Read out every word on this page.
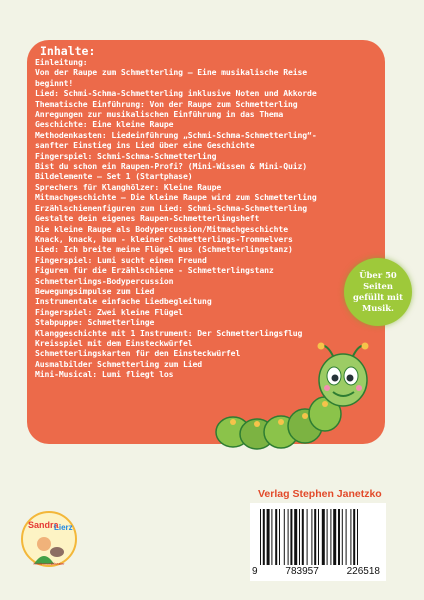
Inhalte:
Einleitung:
Von der Raupe zum Schmetterling – Eine musikalische Reise
beginnt!
Lied: Schmi-Schma-Schmetterling inklusive Noten und Akkorde
Thematische Einführung: Von der Raupe zum Schmetterling
Anregungen zur musikalischen Einführung in das Thema
Geschichte: Eine kleine Raupe
Methodenkasten: Liedeinführung „Schmi-Schma-Schmetterling“-
sanfter Einstieg ins Lied über eine Geschichte
Fingerspiel: Schmi-Schma-Schmetterling
Bist du schon ein Raupen-Profi? (Mini-Wissen & Mini-Quiz)
Bildelemente – Set 1 (Startphase)
Sprechers für Klanghölzer: Kleine Raupe
Mitmachgeschichte – Die kleine Raupe wird zum Schmetterling
Erzählschienenfiguren zum Lied: Schmi-Schma-Schmetterling
Gestalte dein eigenes Raupen-Schmetterlingsheft
Die kleine Raupe als Bodypercussion/Mitmachgeschichte
Knack, knack, bum - kleiner Schmetterlings-Trommelvers
Lied: Ich breite meine Flügel aus (Schmetterlingstanz)
Fingerspiel: Lumi sucht einen Freund
Figuren für die Erzählschiene - Schmetterlingstanz
Schmetterlings-Bodypercussion
Bewegungsimpulse zum Lied
Instrumentale einfache Liedbegleitung
Fingerspiel: Zwei kleine Flügel
Stabpuppe: Schmetterlinge
Klanggeschichte mit 1 Instrument: Der Schmetterlingsflug
Kreisspiel mit dem Einsteckwürfel
Schmetterlingskarten für den Einsteckwürfel
Ausmalbilder Schmetterling zum Lied
Mini-Musical: Lumi fliegt los
Über 50 Seiten
gefüllt mit
Musik.
Verlag Stephen Janetzko
Sandra
Lierz
Kindermusiktheater
9	783957	226518
